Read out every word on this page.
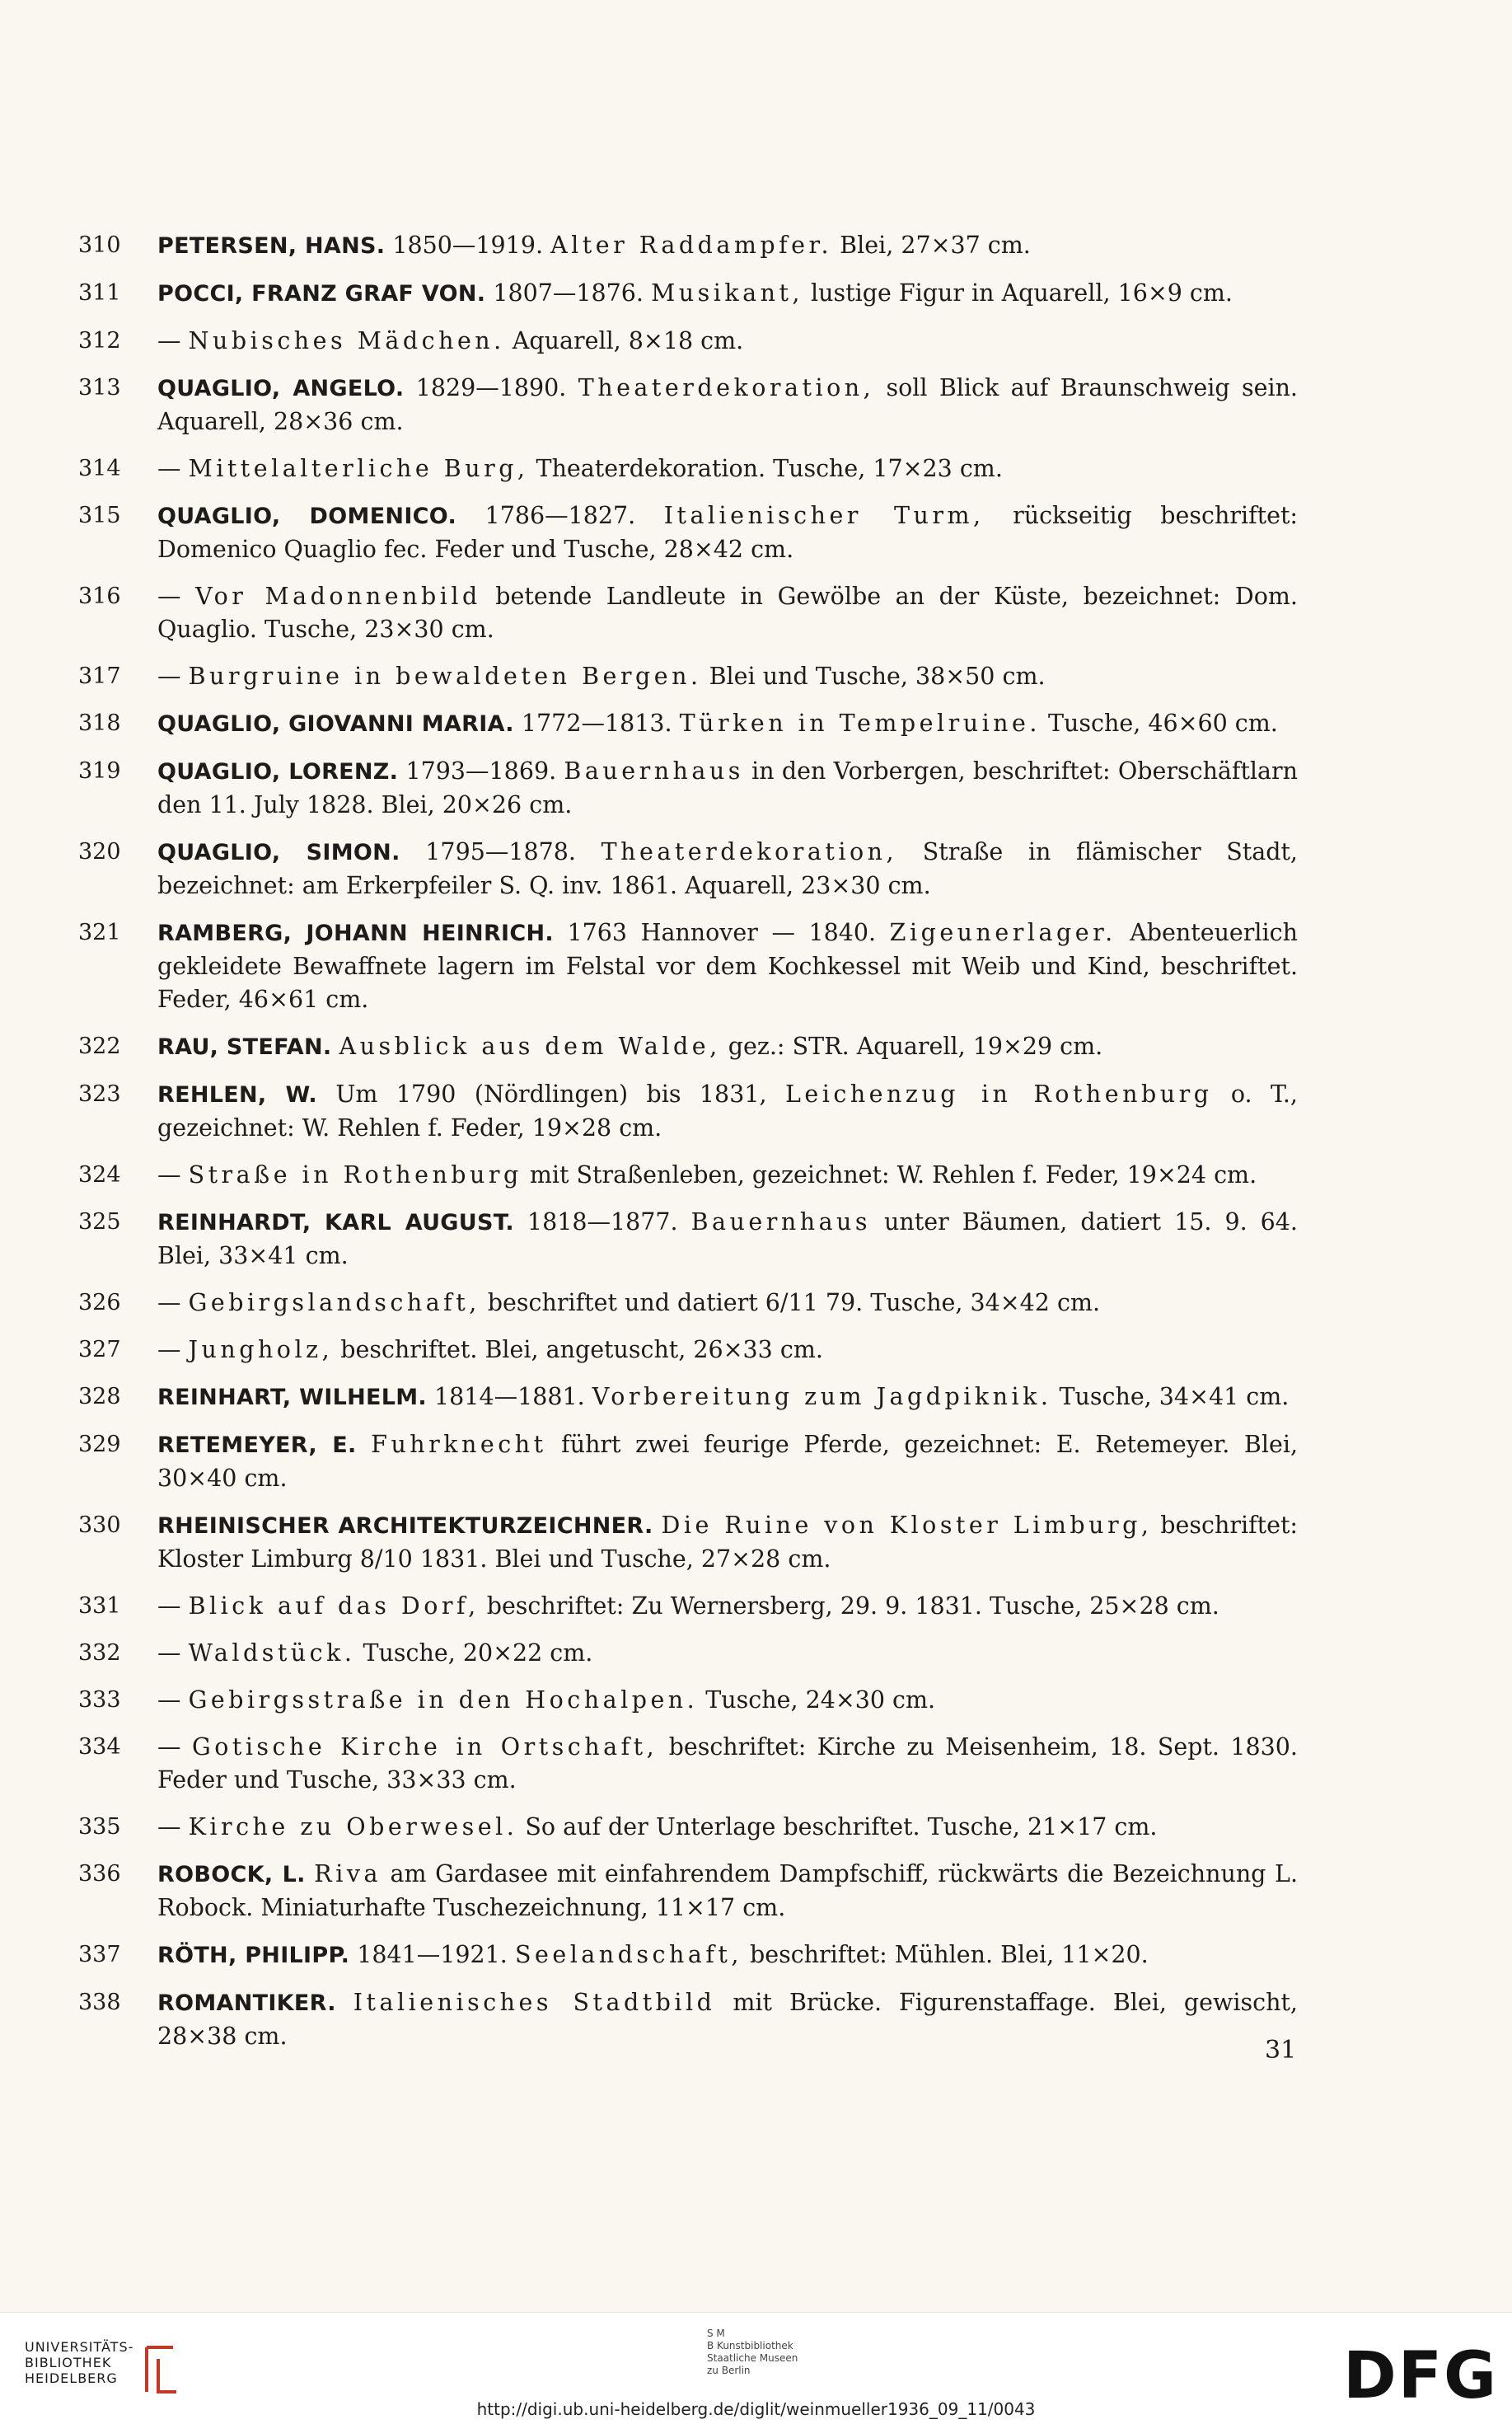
310	PETERSEN, HANS. 1850—1919. Alter Raddampfer. Blei, 27×37 cm.
311	POCCI, FRANZ GRAF VON. 1807—1876. Musikant, lustige Figur in Aquarell, 16×9 cm.
312	— Nubisches Mädchen. Aquarell, 8×18 cm.
313	QUAGLIO, ANGELO. 1829—1890. Theaterdekoration, soll Blick auf Braunschweig sein. Aquarell, 28×36 cm.
314	— Mittelalterliche Burg, Theaterdekoration. Tusche, 17×23 cm.
315	QUAGLIO, DOMENICO. 1786—1827. Italienischer Turm, rückseitig beschriftet: Domenico Quaglio fec. Feder und Tusche, 28×42 cm.
316	— Vor Madonnenbild betende Landleute in Gewölbe an der Küste, bezeichnet: Dom. Quaglio. Tusche, 23×30 cm.
317	— Burgruine in bewaldeten Bergen. Blei und Tusche, 38×50 cm.
318	QUAGLIO, GIOVANNI MARIA. 1772—1813. Türken in Tempelruine. Tusche, 46×60 cm.
319	QUAGLIO, LORENZ. 1793—1869. Bauernhaus in den Vorbergen, beschriftet: Oberschäftlarn den 11. July 1828. Blei, 20×26 cm.
320	QUAGLIO, SIMON. 1795—1878. Theaterdekoration, Straße in flämischer Stadt, bezeichnet: am Erkerpfeiler S. Q. inv. 1861. Aquarell, 23×30 cm.
321	RAMBERG, JOHANN HEINRICH. 1763 Hannover — 1840. Zigeunerlager. Abenteuerlich gekleidete Bewaffnete lagern im Felstal vor dem Kochkessel mit Weib und Kind, beschriftet. Feder, 46×61 cm.
322	RAU, STEFAN. Ausblick aus dem Walde, gez.: STR. Aquarell, 19×29 cm.
323	REHLEN, W. Um 1790 (Nördlingen) bis 1831, Leichenzug in Rothenburg o. T., gezeichnet: W. Rehlen f. Feder, 19×28 cm.
324	— Straße in Rothenburg mit Straßenleben, gezeichnet: W. Rehlen f. Feder, 19×24 cm.
325	REINHARDT, KARL AUGUST. 1818—1877. Bauernhaus unter Bäumen, datiert 15. 9. 64. Blei, 33×41 cm.
326	— Gebirgslandschaft, beschriftet und datiert 6/11 79. Tusche, 34×42 cm.
327	— Jungholz, beschriftet. Blei, angetuscht, 26×33 cm.
328	REINHART, WILHELM. 1814—1881. Vorbereitung zum Jagdpiknik. Tusche, 34×41 cm.
329	RETEMEYER, E. Fuhrknecht führt zwei feurige Pferde, gezeichnet: E. Retemeyer. Blei, 30×40 cm.
330	RHEINISCHER ARCHITEKTURZEICHNER. Die Ruine von Kloster Limburg, beschriftet: Kloster Limburg 8/10 1831. Blei und Tusche, 27×28 cm.
331	— Blick auf das Dorf, beschriftet: Zu Wernersberg, 29. 9. 1831. Tusche, 25×28 cm.
332	— Waldstück. Tusche, 20×22 cm.
333	— Gebirgsstraße in den Hochalpen. Tusche, 24×30 cm.
334	— Gotische Kirche in Ortschaft, beschriftet: Kirche zu Meisenheim, 18. Sept. 1830. Feder und Tusche, 33×33 cm.
335	— Kirche zu Oberwesel. So auf der Unterlage beschriftet. Tusche, 21×17 cm.
336	ROBOCK, L. Riva am Gardasee mit einfahrendem Dampfschiff, rückwärts die Bezeichnung L. Robock. Miniaturhafte Tuschezeichnung, 11×17 cm.
337	RÖTH, PHILIPP. 1841—1921. Seelandschaft, beschriftet: Mühlen. Blei, 11×20.
338	ROMANTIKER. Italienisches Stadtbild mit Brücke. Figurenstaffage. Blei, gewischt, 28×38 cm.	31
UNIVERSITÄTS-
BIBLIOTHEK
HEIDELBERG
S M
B Kunstbibliothek
Staatliche Museen
zu Berlin	DFG
http://digi.ub.uni-heidelberg.de/diglit/weinmueller1936_09_11/0043
